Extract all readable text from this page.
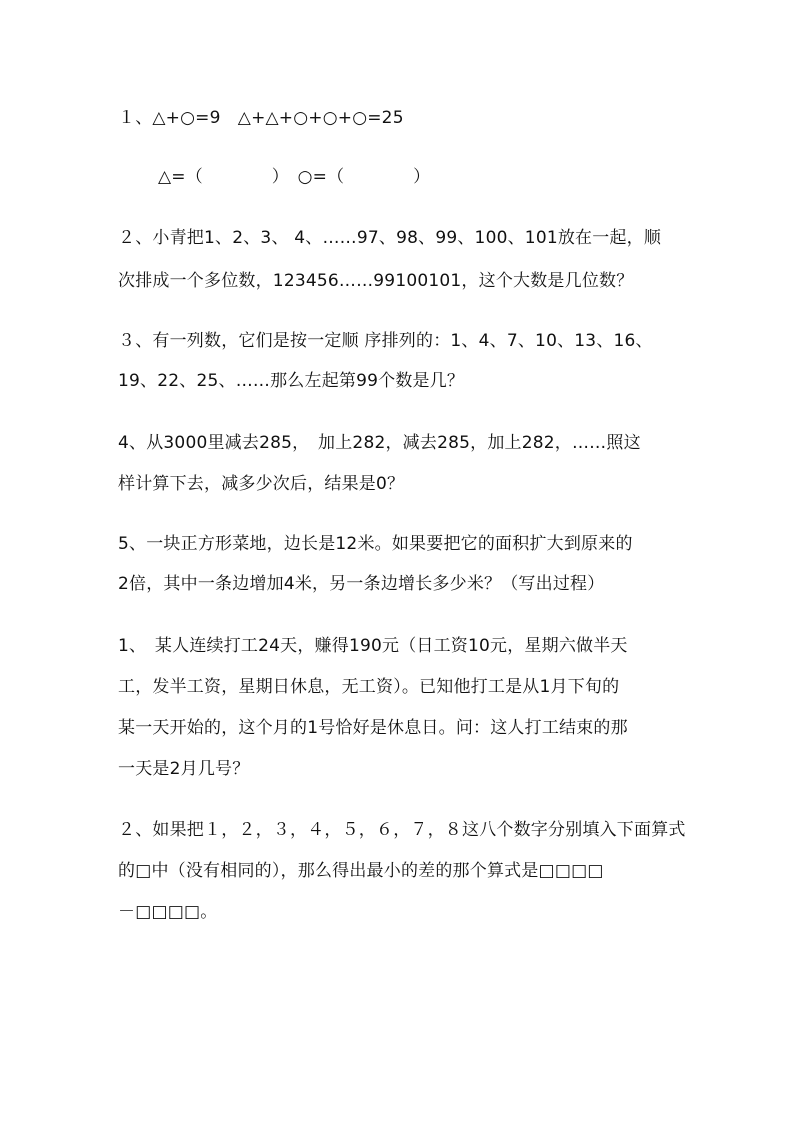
１、△+○=9　△+△+○+○+○=25
△=（　　　　）　○=（　　　　）
２、小青把1、2、3、 4、……97、98、99、100、101放在一起，顺
次排成一个多位数，123456……99100101，这个大数是几位数？
３、有一列数，它们是按一定顺 序排列的：1、4、7、10、13、16、
19、22、25、……那么左起第99个数是几？
4、从3000里减去285，　加上282，减去285，加上282，……照这
样计算下去，减多少次后，结果是0？
5、一块正方形菜地，边长是12米。如果要把它的面积扩大到原来的
2倍，其中一条边增加4米，另一条边增长多少米？（写出过程）
1、　某人连续打工24天，赚得190元（日工资10元，星期六做半天
工，发半工资，星期日休息，无工资）。已知他打工是从1月下旬的
某一天开始的，这个月的1号恰好是休息日。问：这人打工结束的那
一天是2月几号？
２、如果把１，２，３，４，５，６，７，８这八个数字分别填入下面算式
的□中（没有相同的），那么得出最小的差的那个算式是□□□□
－□□□□。
